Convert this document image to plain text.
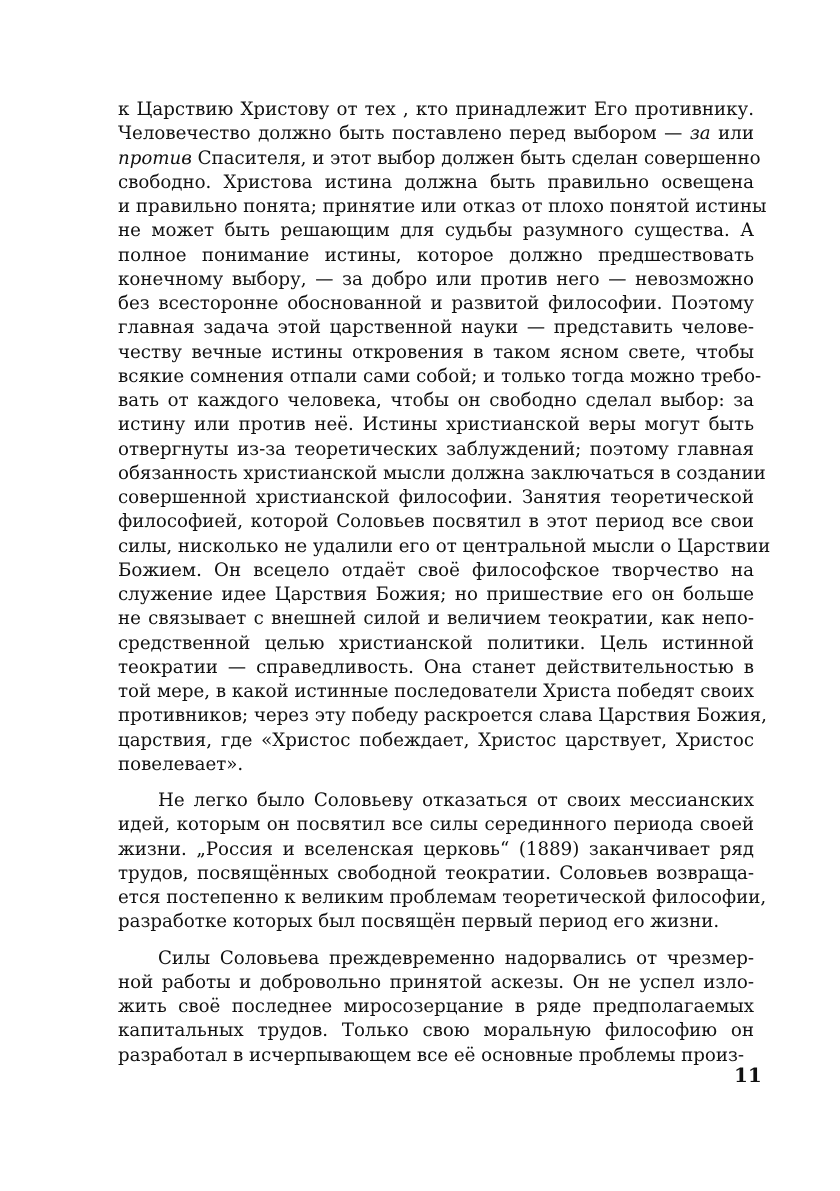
к Царствию Христову от тех , кто принадлежит Его противнику.
Человечество должно быть поставлено перед выбором — за или
против Спасителя, и этот выбор должен быть сделан совершенно
свободно. Христова истина должна быть правильно освещена
и правильно понята; принятие или отказ от плохо понятой истины
не может быть решающим для судьбы разумного существа. А
полное понимание истины, которое должно предшествовать
конечному выбору, — за добро или против него — невозможно
без всесторонне обоснованной и развитой философии. Поэтому
главная задача этой царственной науки — представить челове-
честву вечные истины откровения в таком ясном свете, чтобы
всякие сомнения отпали сами собой; и только тогда можно требо-
вать от каждого человека, чтобы он свободно сделал выбор: за
истину или против неё. Истины христианской веры могут быть
отвергнуты из-за теоретических заблуждений; поэтому главная
обязанность христианской мысли должна заключаться в создании
совершенной христианской философии. Занятия теоретической
философией, которой Соловьев посвятил в этот период все свои
силы, нисколько не удалили его от центральной мысли о Царствии
Божием. Он всецело отдаёт своё философское творчество на
служение идее Царствия Божия; но пришествие его он больше
не связывает с внешней силой и величием теократии, как непо-
средственной целью христианской политики. Цель истинной
теократии — справедливость. Она станет действительностью в
той мере, в какой истинные последователи Христа победят своих
противников; через эту победу раскроется слава Царствия Божия,
царствия, где «Христос побеждает, Христос царствует, Христос
повелевает».
Не легко было Соловьеву отказаться от своих мессианских
идей, которым он посвятил все силы серединного периода своей
жизни. „Россия и вселенская церковь“ (1889) заканчивает ряд
трудов, посвящённых свободной теократии. Соловьев возвраща-
ется постепенно к великим проблемам теоретической философии,
разработке которых был посвящён первый период его жизни.
Силы Соловьева преждевременно надорвались от чрезмер-
ной работы и добровольно принятой аскезы. Он не успел изло-
жить своё последнее миросозерцание в ряде предполагаемых
капитальных трудов. Только свою моральную философию он
разработал в исчерпывающем все её основные проблемы произ-
11
